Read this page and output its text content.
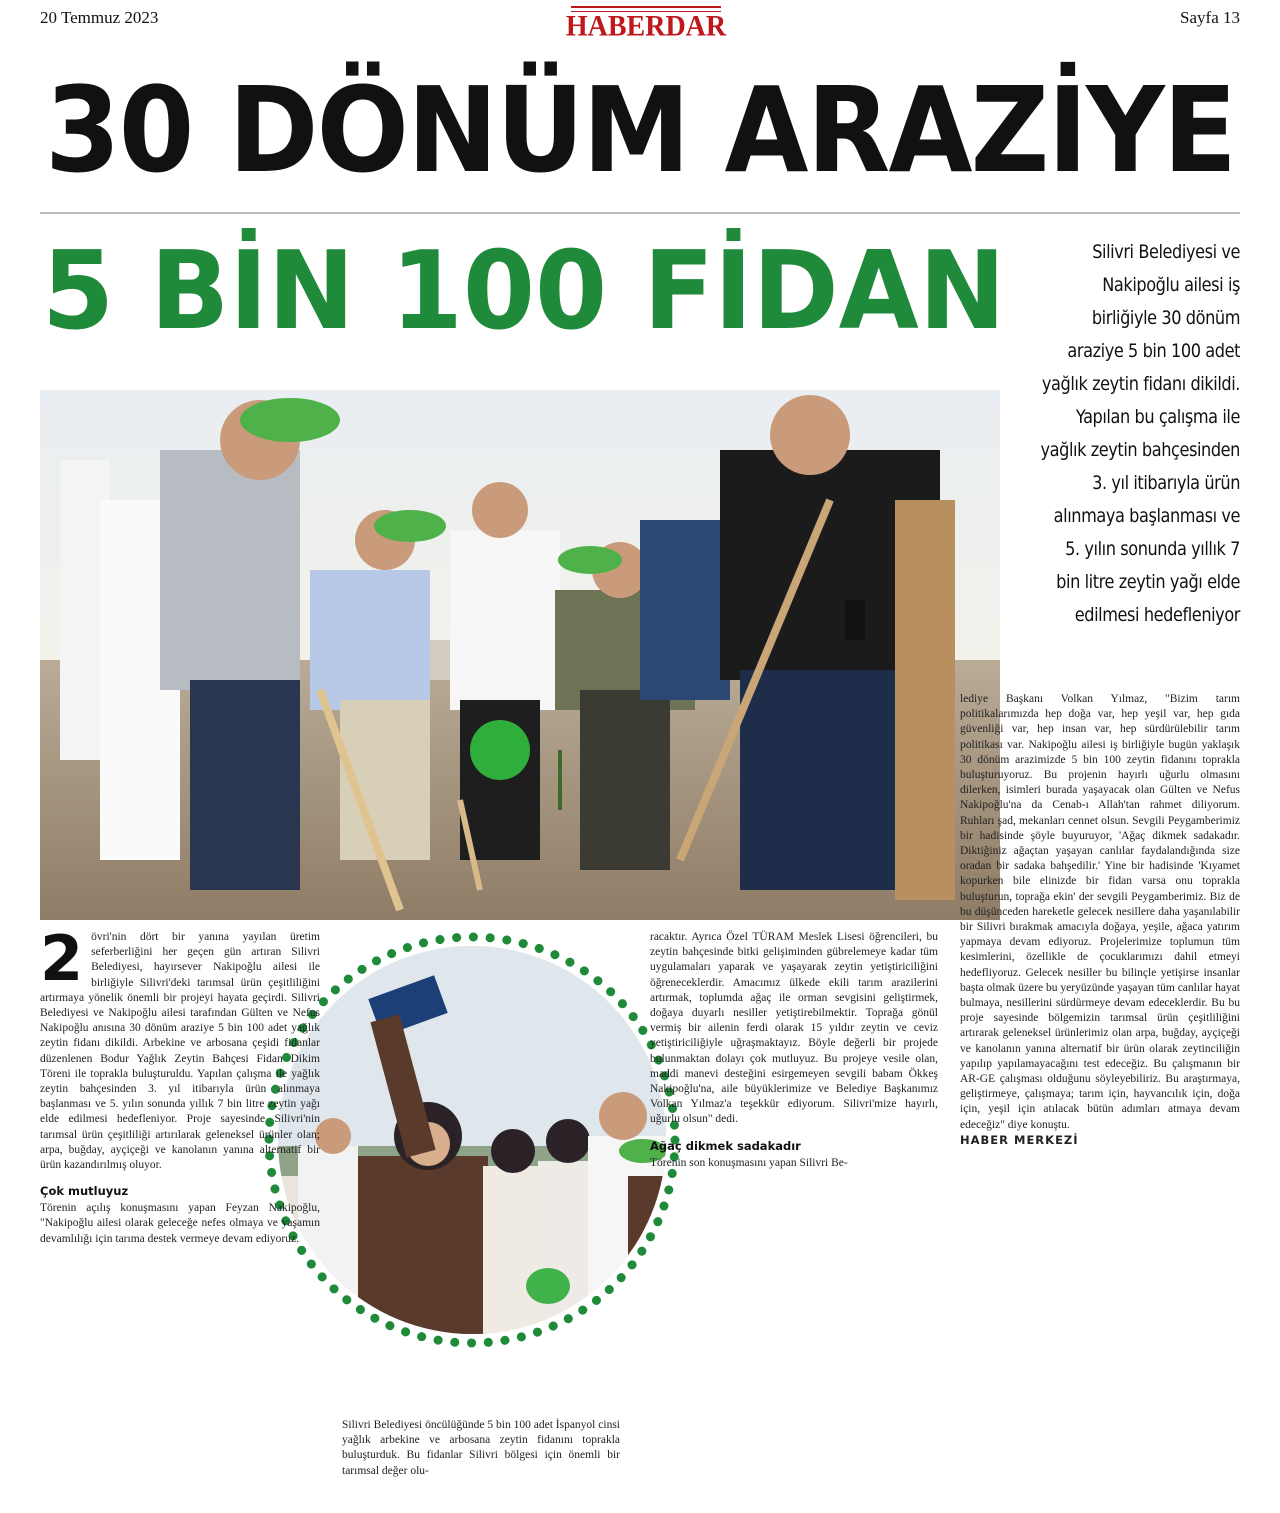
20 Temmuz 2023	HABERDAR	Sayfa 13
30 DÖNÜM ARAZİYE
5 BİN 100 FİDAN	Silivri Belediyesi ve

Nakipoğlu ailesi iş

birliğiyle 30 dönüm

araziye 5 bin 100 adet

yağlık zeytin fidanı dikildi.

Yapılan bu çalışma ile

yağlık zeytin bahçesinden

3. yıl itibarıyla ürün

alınmaya başlanması ve

5. yılın sonunda yıllık 7

bin litre zeytin yağı elde

edilmesi hedefleniyor

2 övri'nin dört bir yanına yayılan üretim seferberliğini her geçen gün artıran Silivri Belediyesi, hayırsever Nakipoğlu ailesi ile birliğiyle Silivri'deki tarımsal ürün çeşitliliğini artırmaya yönelik önemli bir projeyi hayata geçirdi. Silivri Belediyesi ve Nakipoğlu ailesi tarafından Gülten ve Nefus Nakipoğlu anısına 30 dönüm araziye 5 bin 100 adet yağlık zeytin fidanı dikildi. Arbekine ve arbosana çeşidi fidanlar düzenlenen Bodur Yağlık Zeytin Bahçesi Fidan Dikim Töreni ile toprakla buluşturuldu. Yapılan çalışma ile yağlık zeytin bahçesinden 3. yıl itibarıyla ürün alınmaya başlanması ve 5. yılın sonunda yıllık 7 bin litre zeytin yağı elde edilmesi hedefleniyor. Proje sayesinde Silivri'nin tarımsal ürün çeşitliliği artırılarak geleneksel ürünler olan; arpa, buğday, ayçiçeği ve kanolanın yanına alternatif bir ürün kazandırılmış oluyor.

Çok mutluyuz

Törenin açılış konuşmasını yapan Feyzan Nakipoğlu, "Nakipoğlu ailesi olarak geleceğe nefes olmaya ve yaşamın devamlılığı için tarıma destek vermeye devam ediyoruz.

Silivri Belediyesi öncülüğünde 5 bin 100 adet İspanyol cinsi yağlık arbekine ve arbosana zeytin fidanını toprakla buluşturduk. Bu fidanlar Silivri bölgesi için önemli bir tarımsal değer olu-

racaktır. Ayrıca Özel TÜRAM Meslek Lisesi öğrencileri, bu zeytin bahçesinde bitki gelişiminden gübrelemeye kadar tüm uygulamaları yaparak ve yaşayarak zeytin yetiştiriciliğini öğreneceklerdir. Amacımız ülkede ekili tarım arazilerini artırmak, toplumda ağaç ile orman sevgisini geliştirmek, doğaya duyarlı nesiller yetiştirebilmektir. Toprağa gönül vermiş bir ailenin ferdi olarak 15 yıldır zeytin ve ceviz yetiştiriciliğiyle uğraşmaktayız. Böyle değerli bir projede bulunmaktan dolayı çok mutluyuz. Bu projeye vesile olan, maddi manevi desteğini esirgemeyen sevgili babam Ökkeş Nakipoğlu'na, aile büyüklerimize ve Belediye Başkanımız Volkan Yılmaz'a teşekkür ediyorum. Silivri'mize hayırlı, uğurlu olsun" dedi.

Ağaç dikmek sadakadır

Törenin son konuşmasını yapan Silivri Be-

lediye Başkanı Volkan Yılmaz, "Bizim tarım politikalarımızda hep doğa var, hep yeşil var, hep gıda güvenliği var, hep insan var, hep sürdürülebilir tarım politikası var. Nakipoğlu ailesi iş birliğiyle bugün yaklaşık 30 dönüm arazimizde 5 bin 100 zeytin fidanını toprakla buluşturuyoruz. Bu projenin hayırlı uğurlu olmasını dilerken, isimleri burada yaşayacak olan Gülten ve Nefus Nakipoğlu'na da Cenab-ı Allah'tan rahmet diliyorum. Ruhları şad, mekanları cennet olsun. Sevgili Peygamberimiz bir hadisinde şöyle buyuruyor, 'Ağaç dikmek sadakadır. Diktiğiniz ağaçtan yaşayan canlılar faydalandığında size oradan bir sadaka bahşedilir.' Yine bir hadisinde 'Kıyamet kopurken bile elinizde bir fidan varsa onu toprakla buluşturun, toprağa ekin' der sevgili Peygamberimiz. Biz de bu düşünceden hareketle gelecek nesillere daha yaşanılabilir bir Silivri bırakmak amacıyla doğaya, yeşile, ağaca yatırım yapmaya devam ediyoruz. Projelerimize toplumun tüm kesimlerini, özellikle de çocuklarımızı dahil etmeyi hedefliyoruz. Gelecek nesiller bu bilinçle yetişirse insanlar başta olmak üzere bu yeryüzünde yaşayan tüm canlılar hayat bulmaya, nesillerini sürdürmeye devam edeceklerdir. Bu bu proje sayesinde bölgemizin tarımsal ürün çeşitliliğini artırarak geleneksel ürünlerimiz olan arpa, buğday, ayçiçeği ve kanolanın yanına alternatif bir ürün olarak zeytinciliğin yapılıp yapılamayacağını test edeceğiz. Bu çalışmanın bir AR-GE çalışması olduğunu söyleyebiliriz. Bu araştırmaya, geliştirmeye, çalışmaya; tarım için, hayvancılık için, doğa için, yeşil için atılacak bütün adımları atmaya devam edeceğiz" diye konuştu.

HABER MERKEZİ
